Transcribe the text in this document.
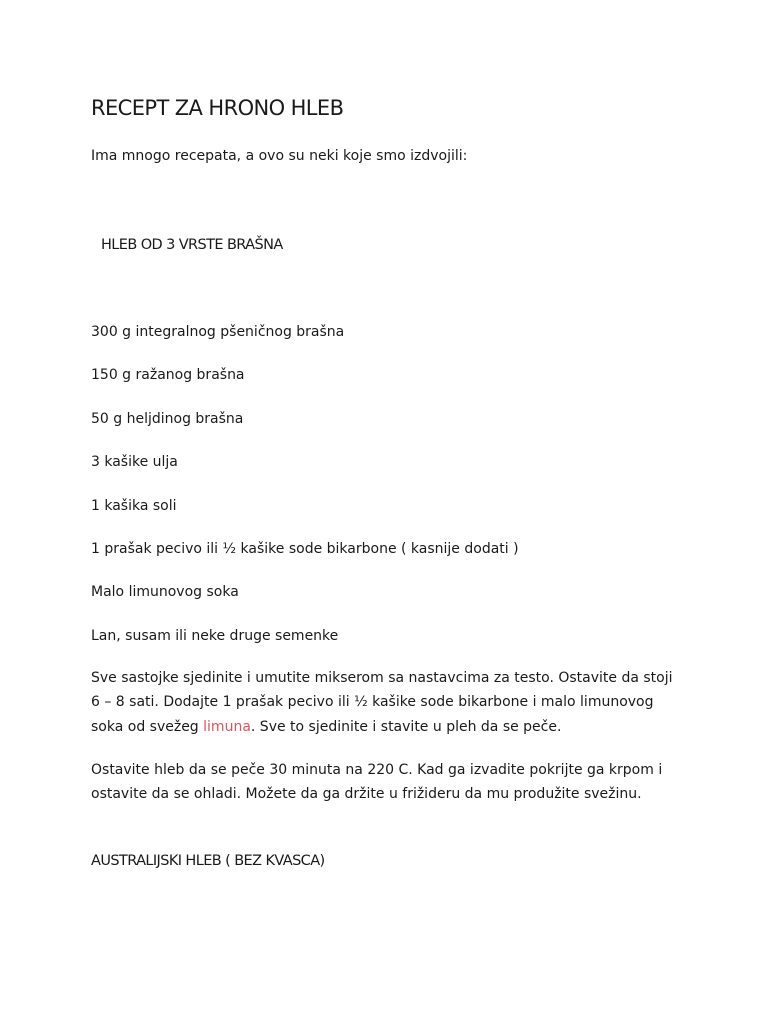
RECEPT ZA HRONO HLEB

Ima mnogo recepata, a ovo su neki koje smo izdvojili:

HLEB OD 3 VRSTE BRAŠNA
300 g integralnog pšeničnog brašna
150 g ražanog brašna
50 g heljdinog brašna
3 kašike ulja
1 kašika soli
1 prašak pecivo ili ½ kašike sode bikarbone ( kasnije dodati )
Malo limunovog soka
Lan, susam ili neke druge semenke

Sve sastojke sjedinite i umutite mikserom sa nastavcima za testo. Ostavite da stoji 6 – 8 sati. Dodajte 1 prašak pecivo ili ½ kašike sode bikarbone i malo limunovog soka od svežeg limuna. Sve to sjedinite i stavite u pleh da se peče.

Ostavite hleb da se peče 30 minuta na 220 C. Kad ga izvadite pokrijte ga krpom i ostavite da se ohladi. Možete da ga držite u frižideru da mu produžite svežinu.

AUSTRALIJSKI HLEB ( BEZ KVASCA)
